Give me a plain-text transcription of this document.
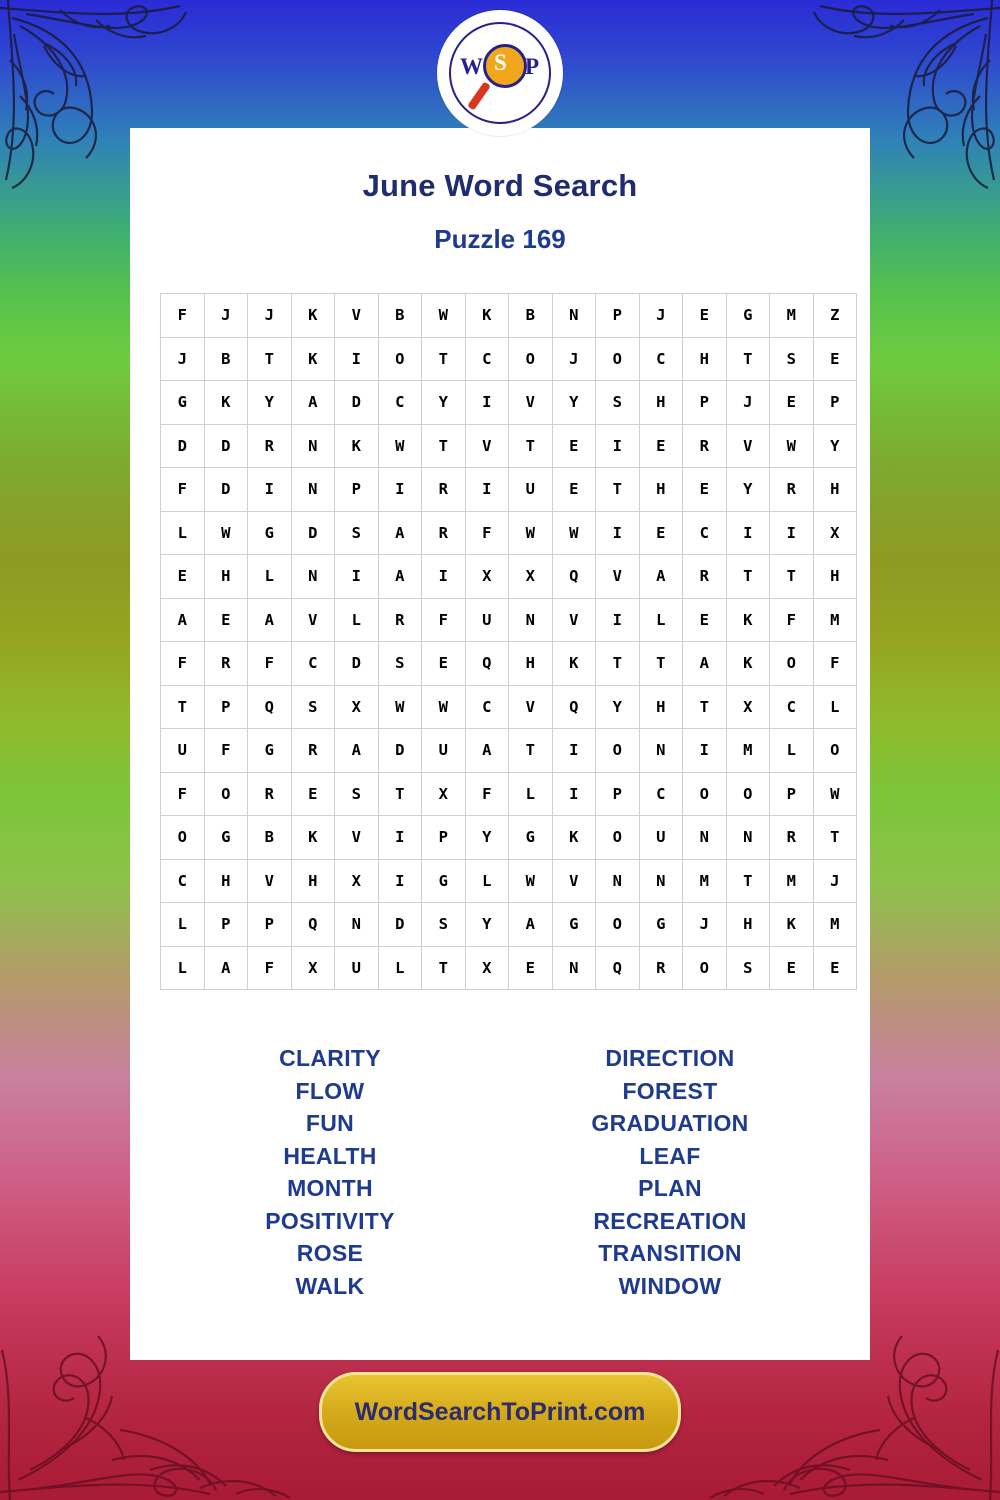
W S P
June Word Search
Puzzle 169
F	J	J	K	V	B	W	K	B	N	P	J	E	G	M	Z
J	B	T	K	I	O	T	C	O	J	O	C	H	T	S	E
G	K	Y	A	D	C	Y	I	V	Y	S	H	P	J	E	P
D	D	R	N	K	W	T	V	T	E	I	E	R	V	W	Y
F	D	I	N	P	I	R	I	U	E	T	H	E	Y	R	H
L	W	G	D	S	A	R	F	W	W	I	E	C	I	I	X
E	H	L	N	I	A	I	X	X	Q	V	A	R	T	T	H
A	E	A	V	L	R	F	U	N	V	I	L	E	K	F	M
F	R	F	C	D	S	E	Q	H	K	T	T	A	K	O	F
T	P	Q	S	X	W	W	C	V	Q	Y	H	T	X	C	L
U	F	G	R	A	D	U	A	T	I	O	N	I	M	L	O
F	O	R	E	S	T	X	F	L	I	P	C	O	O	P	W
O	G	B	K	V	I	P	Y	G	K	O	U	N	N	R	T
C	H	V	H	X	I	G	L	W	V	N	N	M	T	M	J
L	P	P	Q	N	D	S	Y	A	G	O	G	J	H	K	M
L	A	F	X	U	L	T	X	E	N	Q	R	O	S	E	E
CLARITY
FLOW
FUN
HEALTH
MONTH
POSITIVITY
ROSE
WALK
DIRECTION
FOREST
GRADUATION
LEAF
PLAN
RECREATION
TRANSITION
WINDOW
WordSearchToPrint.com
